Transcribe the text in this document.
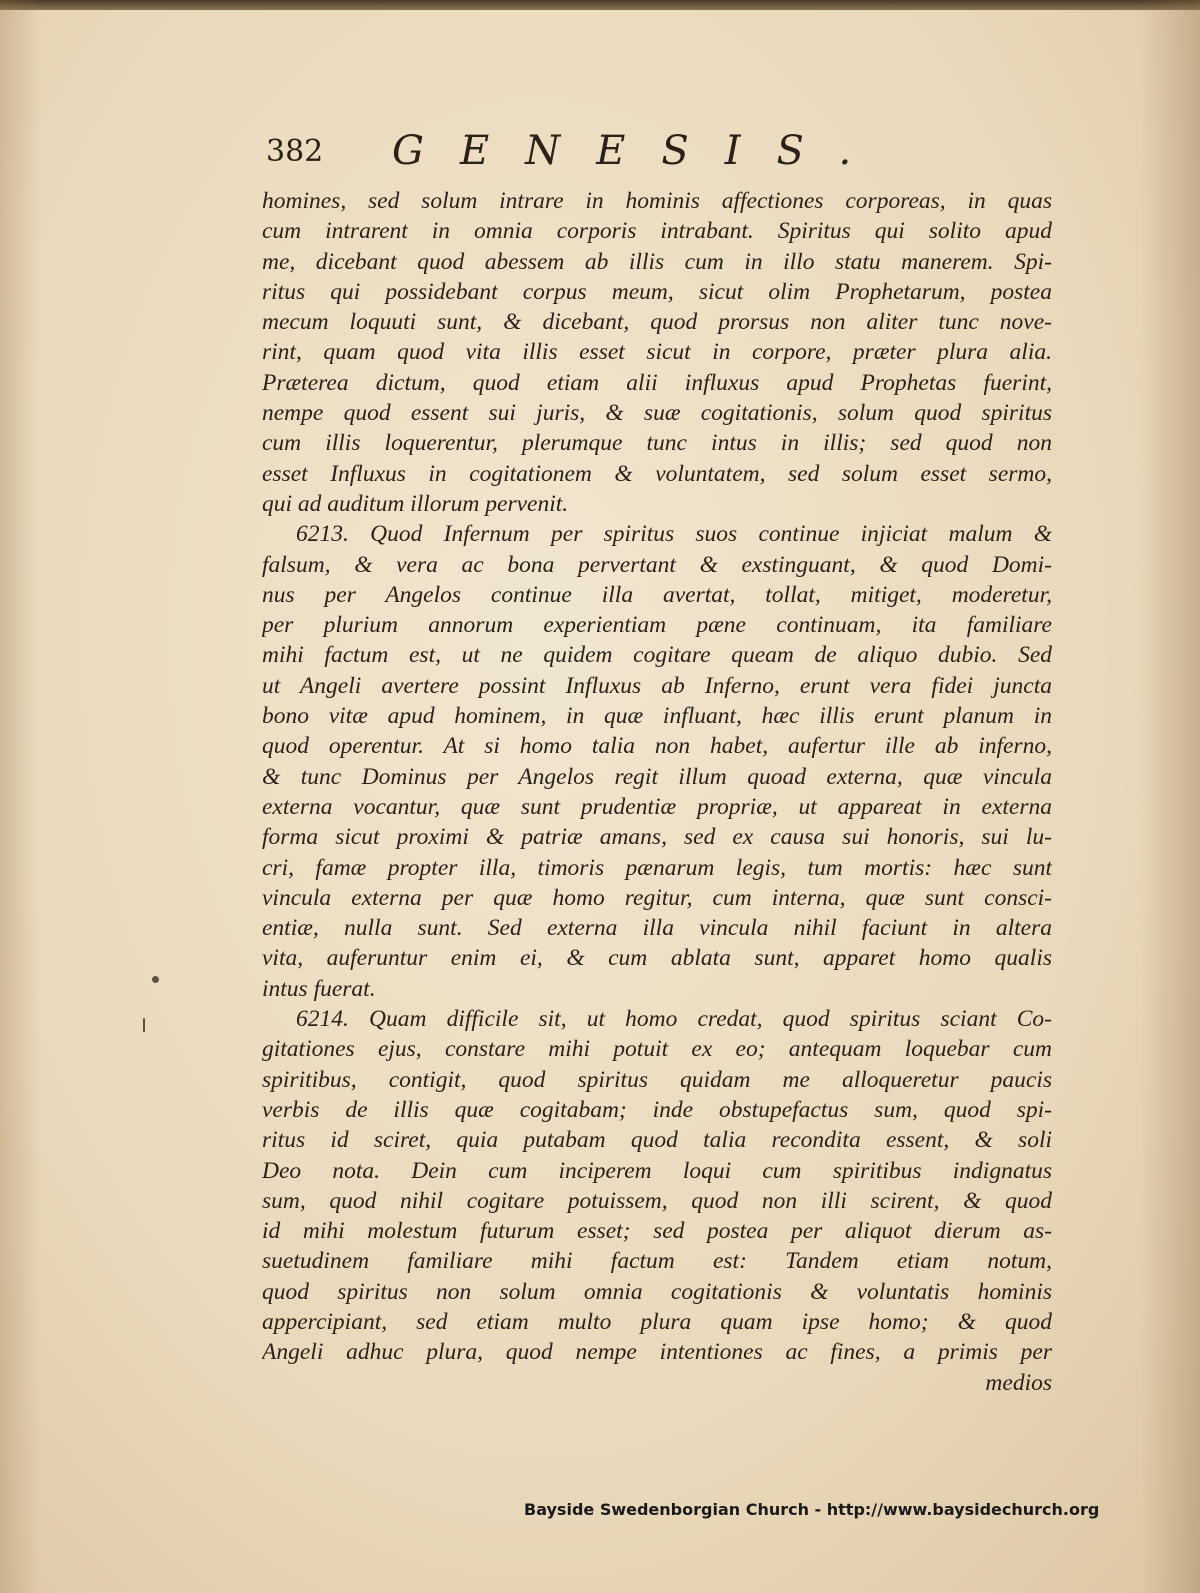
382 GENESIS.
homines, sed solum intrare in hominis affectiones corporeas, in quas
cum intrarent in omnia corporis intrabant. Spiritus qui solito apud
me, dicebant quod abessem ab illis cum in illo statu manerem. Spi-
ritus qui possidebant corpus meum, sicut olim Prophetarum, postea
mecum loquuti sunt, & dicebant, quod prorsus non aliter tunc nove-
rint, quam quod vita illis esset sicut in corpore, præter plura alia.
Præterea dictum, quod etiam alii influxus apud Prophetas fuerint,
nempe quod essent sui juris, & suæ cogitationis, solum quod spiritus
cum illis loquerentur, plerumque tunc intus in illis; sed quod non
esset Influxus in cogitationem & voluntatem, sed solum esset sermo,
qui ad auditum illorum pervenit.
6213. Quod Infernum per spiritus suos continue injiciat malum &
falsum, & vera ac bona pervertant & exstinguant, & quod Domi-
nus per Angelos continue illa avertat, tollat, mitiget, moderetur,
per plurium annorum experientiam pæne continuam, ita familiare
mihi factum est, ut ne quidem cogitare queam de aliquo dubio. Sed
ut Angeli avertere possint Influxus ab Inferno, erunt vera fidei juncta
bono vitæ apud hominem, in quæ influant, hæc illis erunt planum in
quod operentur. At si homo talia non habet, aufertur ille ab inferno,
& tunc Dominus per Angelos regit illum quoad externa, quæ vincula
externa vocantur, quæ sunt prudentiæ propriæ, ut appareat in externa
forma sicut proximi & patriæ amans, sed ex causa sui honoris, sui lu-
cri, famæ propter illa, timoris pænarum legis, tum mortis: hæc sunt
vincula externa per quæ homo regitur, cum interna, quæ sunt consci-
entiæ, nulla sunt. Sed externa illa vincula nihil faciunt in altera
vita, auferuntur enim ei, & cum ablata sunt, apparet homo qualis
intus fuerat.
6214. Quam difficile sit, ut homo credat, quod spiritus sciant Co-
gitationes ejus, constare mihi potuit ex eo; antequam loquebar cum
spiritibus, contigit, quod spiritus quidam me alloqueretur paucis
verbis de illis quæ cogitabam; inde obstupefactus sum, quod spi-
ritus id sciret, quia putabam quod talia recondita essent, & soli
Deo nota. Dein cum inciperem loqui cum spiritibus indignatus
sum, quod nihil cogitare potuissem, quod non illi scirent, & quod
id mihi molestum futurum esset; sed postea per aliquot dierum as-
suetudinem familiare mihi factum est: Tandem etiam notum,
quod spiritus non solum omnia cogitationis & voluntatis hominis
appercipiant, sed etiam multo plura quam ipse homo; & quod
Angeli adhuc plura, quod nempe intentiones ac fines, a primis per
medios
Bayside Swedenborgian Church - http://www.baysidechurch.org
